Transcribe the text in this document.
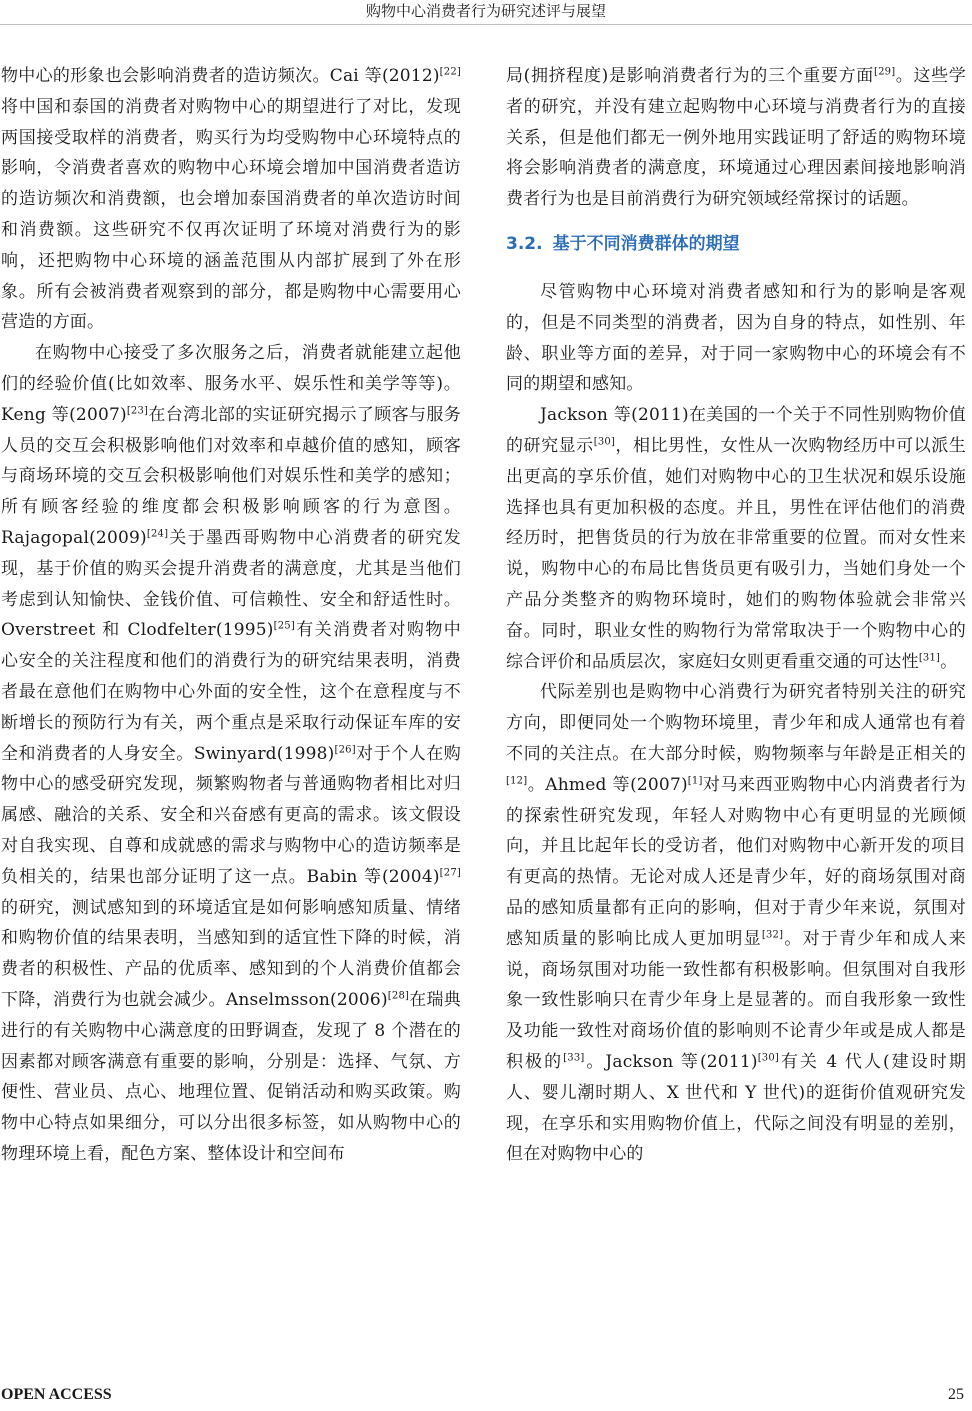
购物中心消费者行为研究述评与展望

物中心的形象也会影响消费者的造访频次。Cai 等(2012)[22]将中国和泰国的消费者对购物中心的期望进行了对比，发现两国接受取样的消费者，购买行为均受购物中心环境特点的影响，令消费者喜欢的购物中心环境会增加中国消费者造访的造访频次和消费额，也会增加泰国消费者的单次造访时间和消费额。这些研究不仅再次证明了环境对消费行为的影响，还把购物中心环境的涵盖范围从内部扩展到了外在形象。所有会被消费者观察到的部分，都是购物中心需要用心营造的方面。

在购物中心接受了多次服务之后，消费者就能建立起他们的经验价值(比如效率、服务水平、娱乐性和美学等等)。Keng 等(2007)[23]在台湾北部的实证研究揭示了顾客与服务人员的交互会积极影响他们对效率和卓越价值的感知，顾客与商场环境的交互会积极影响他们对娱乐性和美学的感知；所有顾客经验的维度都会积极影响顾客的行为意图。Rajagopal(2009)[24]关于墨西哥购物中心消费者的研究发现，基于价值的购买会提升消费者的满意度，尤其是当他们考虑到认知愉快、金钱价值、可信赖性、安全和舒适性时。Overstreet 和 Clodfelter(1995)[25]有关消费者对购物中心安全的关注程度和他们的消费行为的研究结果表明，消费者最在意他们在购物中心外面的安全性，这个在意程度与不断增长的预防行为有关，两个重点是采取行动保证车库的安全和消费者的人身安全。Swinyard(1998)[26]对于个人在购物中心的感受研究发现，频繁购物者与普通购物者相比对归属感、融洽的关系、安全和兴奋感有更高的需求。该文假设对自我实现、自尊和成就感的需求与购物中心的造访频率是负相关的，结果也部分证明了这一点。Babin 等(2004)[27]的研究，测试感知到的环境适宜是如何影响感知质量、情绪和购物价值的结果表明，当感知到的适宜性下降的时候，消费者的积极性、产品的优质率、感知到的个人消费价值都会下降，消费行为也就会减少。Anselmsson(2006)[28]在瑞典进行的有关购物中心满意度的田野调查，发现了 8 个潜在的因素都对顾客满意有重要的影响，分别是：选择、气氛、方便性、营业员、点心、地理位置、促销活动和购买政策。购物中心特点如果细分，可以分出很多标签，如从购物中心的物理环境上看，配色方案、整体设计和空间布

局(拥挤程度)是影响消费者行为的三个重要方面[29]。这些学者的研究，并没有建立起购物中心环境与消费者行为的直接关系，但是他们都无一例外地用实践证明了舒适的购物环境将会影响消费者的满意度，环境通过心理因素间接地影响消费者行为也是目前消费行为研究领域经常探讨的话题。

3.2. 基于不同消费群体的期望

尽管购物中心环境对消费者感知和行为的影响是客观的，但是不同类型的消费者，因为自身的特点，如性别、年龄、职业等方面的差异，对于同一家购物中心的环境会有不同的期望和感知。

Jackson 等(2011)在美国的一个关于不同性别购物价值的研究显示[30]，相比男性，女性从一次购物经历中可以派生出更高的享乐价值，她们对购物中心的卫生状况和娱乐设施选择也具有更加积极的态度。并且，男性在评估他们的消费经历时，把售货员的行为放在非常重要的位置。而对女性来说，购物中心的布局比售货员更有吸引力，当她们身处一个产品分类整齐的购物环境时，她们的购物体验就会非常兴奋。同时，职业女性的购物行为常常取决于一个购物中心的综合评价和品质层次，家庭妇女则更看重交通的可达性[31]。

代际差别也是购物中心消费行为研究者特别关注的研究方向，即便同处一个购物环境里，青少年和成人通常也有着不同的关注点。在大部分时候，购物频率与年龄是正相关的[12]。Ahmed 等(2007)[1]对马来西亚购物中心内消费者行为的探索性研究发现，年轻人对购物中心有更明显的光顾倾向，并且比起年长的受访者，他们对购物中心新开发的项目有更高的热情。无论对成人还是青少年，好的商场氛围对商品的感知质量都有正向的影响，但对于青少年来说，氛围对感知质量的影响比成人更加明显[32]。对于青少年和成人来说，商场氛围对功能一致性都有积极影响。但氛围对自我形象一致性影响只在青少年身上是显著的。而自我形象一致性及功能一致性对商场价值的影响则不论青少年或是成人都是积极的[33]。Jackson 等(2011)[30]有关 4 代人(建设时期人、婴儿潮时期人、X 世代和 Y 世代)的逛街价值观研究发现，在享乐和实用购物价值上，代际之间没有明显的差别，但在对购物中心的

OPEN ACCESS	25
